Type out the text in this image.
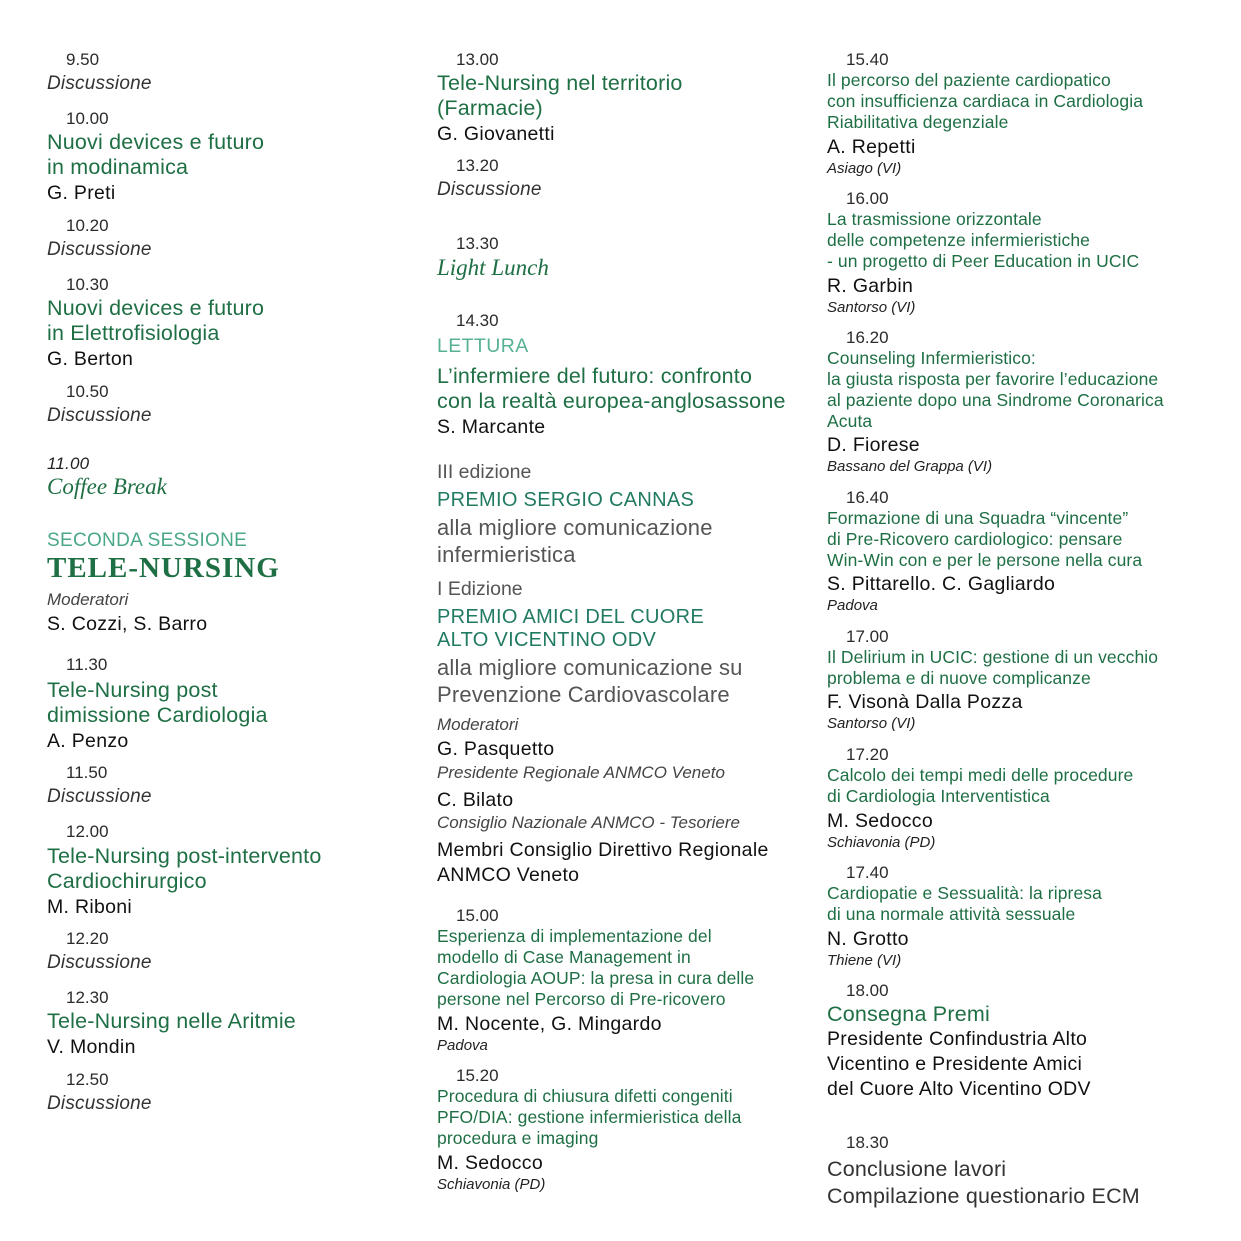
9.50
Discussione
10.00
Nuovi devices e futuro
in modinamica
G. Preti
10.20
Discussione
10.30
Nuovi devices e futuro
in Elettrofisiologia
G. Berton
10.50
Discussione
11.00
Coffee Break
SECONDA SESSIONE
TELE-NURSING
Moderatori
S. Cozzi, S. Barro
11.30
Tele-Nursing post
dimissione Cardiologia
A. Penzo
11.50
Discussione
12.00
Tele-Nursing post-intervento
Cardiochirurgico
M. Riboni
12.20
Discussione
12.30
Tele-Nursing nelle Aritmie
V. Mondin
12.50
Discussione
13.00
Tele-Nursing nel territorio
(Farmacie)
G. Giovanetti
13.20
Discussione
13.30
Light Lunch
14.30
LETTURA
L’infermiere del futuro: confronto
con la realtà europea-anglosassone
S. Marcante
III edizione
PREMIO SERGIO CANNAS
alla migliore comunicazione
infermieristica
I Edizione
PREMIO AMICI DEL CUORE
ALTO VICENTINO ODV
alla migliore comunicazione su
Prevenzione Cardiovascolare
Moderatori
G. Pasquetto
Presidente Regionale ANMCO Veneto
C. Bilato
Consiglio Nazionale ANMCO - Tesoriere
Membri Consiglio Direttivo Regionale
ANMCO Veneto
15.00
Esperienza di implementazione del
modello di Case Management in
Cardiologia AOUP: la presa in cura delle
persone nel Percorso di Pre-ricovero
M. Nocente, G. Mingardo
Padova
15.20
Procedura di chiusura difetti congeniti
PFO/DIA: gestione infermieristica della
procedura e imaging
M. Sedocco
Schiavonia (PD)
15.40
Il percorso del paziente cardiopatico
con insufficienza cardiaca in Cardiologia
Riabilitativa degenziale
A. Repetti
Asiago (VI)
16.00
La trasmissione orizzontale
delle competenze infermieristiche
- un progetto di Peer Education in UCIC
R. Garbin
Santorso (VI)
16.20
Counseling Infermieristico:
la giusta risposta per favorire l’educazione
al paziente dopo una Sindrome Coronarica
Acuta
D. Fiorese
Bassano del Grappa (VI)
16.40
Formazione di una Squadra “vincente”
di Pre-Ricovero cardiologico: pensare
Win-Win con e per le persone nella cura
S. Pittarello. C. Gagliardo
Padova
17.00
Il Delirium in UCIC: gestione di un vecchio
problema e di nuove complicanze
F. Visonà Dalla Pozza
Santorso (VI)
17.20
Calcolo dei tempi medi delle procedure
di Cardiologia Interventistica
M. Sedocco
Schiavonia (PD)
17.40
Cardiopatie e Sessualità: la ripresa
di una normale attività sessuale
N. Grotto
Thiene (VI)
18.00
Consegna Premi
Presidente Confindustria Alto
Vicentino e Presidente Amici
del Cuore Alto Vicentino ODV
18.30
Conclusione lavori
Compilazione questionario ECM
